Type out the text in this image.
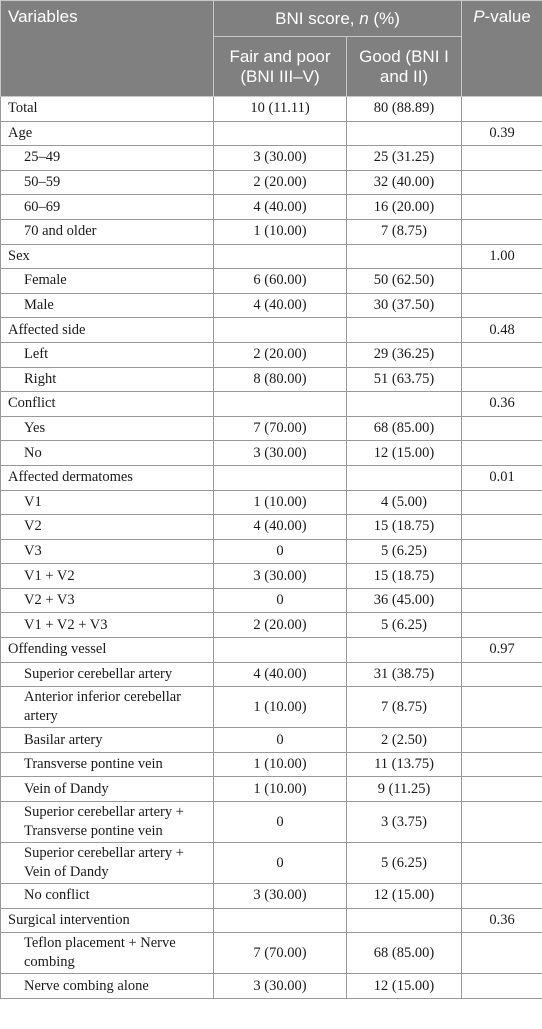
Variables	BNI score, n (%)		P-value
	Fair and poor (BNI III–V)	Good (BNI I and II)	
Total	10 (11.11)	80 (88.89)	
Age			0.39
25–49	3 (30.00)	25 (31.25)	
50–59	2 (20.00)	32 (40.00)	
60–69	4 (40.00)	16 (20.00)	
70 and older	1 (10.00)	7 (8.75)	
Sex			1.00
Female	6 (60.00)	50 (62.50)	
Male	4 (40.00)	30 (37.50)	
Affected side			0.48
Left	2 (20.00)	29 (36.25)	
Right	8 (80.00)	51 (63.75)	
Conflict			0.36
Yes	7 (70.00)	68 (85.00)	
No	3 (30.00)	12 (15.00)	
Affected dermatomes			0.01
V1	1 (10.00)	4 (5.00)	
V2	4 (40.00)	15 (18.75)	
V3	0	5 (6.25)	
V1 + V2	3 (30.00)	15 (18.75)	
V2 + V3	0	36 (45.00)	
V1 + V2 + V3	2 (20.00)	5 (6.25)	
Offending vessel			0.97
Superior cerebellar artery	4 (40.00)	31 (38.75)	
Anterior inferior cerebellar artery	1 (10.00)	7 (8.75)	
Basilar artery	0	2 (2.50)	
Transverse pontine vein	1 (10.00)	11 (13.75)	
Vein of Dandy	1 (10.00)	9 (11.25)	
Superior cerebellar artery + Transverse pontine vein	0	3 (3.75)	
Superior cerebellar artery + Vein of Dandy	0	5 (6.25)	
No conflict	3 (30.00)	12 (15.00)	
Surgical intervention			0.36
Teflon placement + Nerve combing	7 (70.00)	68 (85.00)	
Nerve combing alone	3 (30.00)	12 (15.00)	
